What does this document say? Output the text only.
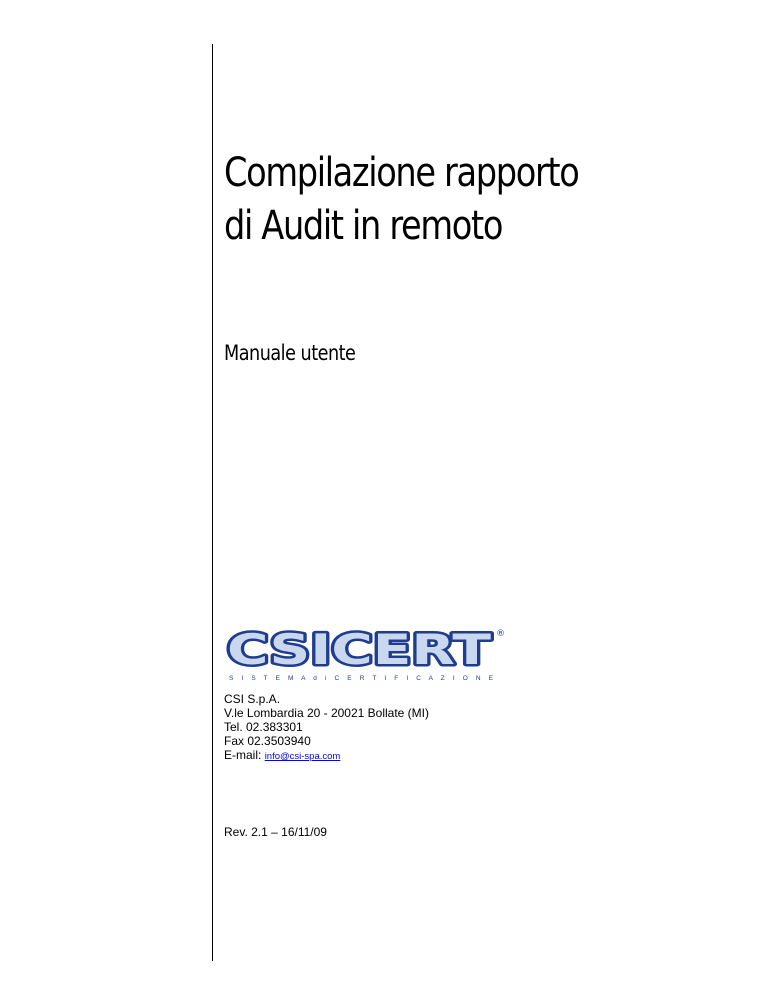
Compilazione rapporto
di Audit in remoto
Manuale utente
CSICERT ®
S I S T E M A d i C E R T I F I C A Z I O N E
CSI S.p.A.
V.le Lombardia 20 - 20021 Bollate (MI)
Tel. 02.383301
Fax 02.3503940
E-mail: info@csi-spa.com
Rev. 2.1 – 16/11/09
